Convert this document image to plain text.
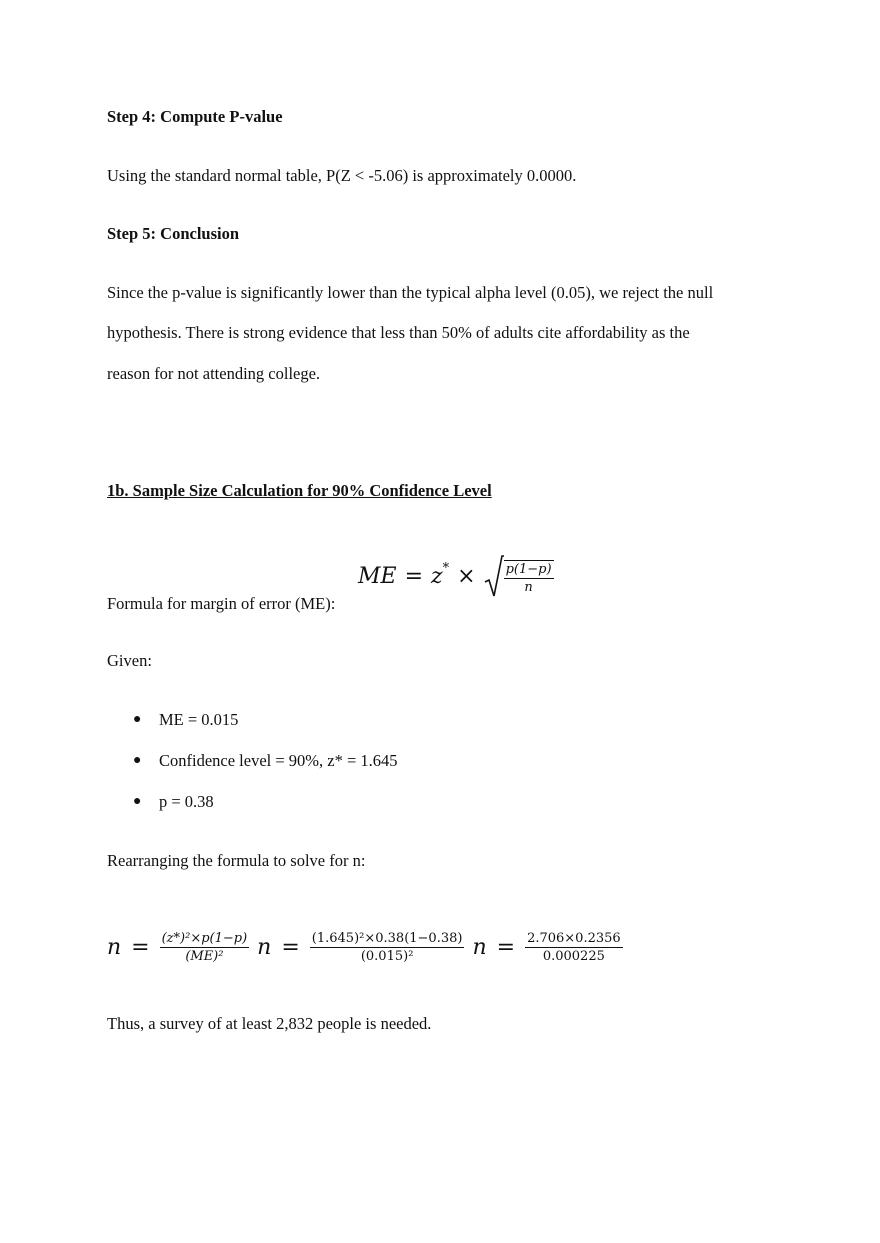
Step 4: Compute P-value
Using the standard normal table, P(Z < -5.06) is approximately 0.0000.
Step 5: Conclusion
Since the p-value is significantly lower than the typical alpha level (0.05), we reject the null
hypothesis. There is strong evidence that less than 50% of adults cite affordability as the
reason for not attending college.
1b. Sample Size Calculation for 90% Confidence Level
ME = $z^* \times \frac{p(1-p)}{n}$
Formula for margin of error (ME):
Given:
● ME = 0.015
● Confidence level = 90%, z* = 1.645
● p = 0.38
Rearranging the formula to solve for n:
$n = \frac{\text{(z*)²×p(1−p)}}{\text{(ME)²}}$ $n = \frac{\text{(1.645)²×0.38(1−0.38)}}{\text{(0.015)²}}$ $n = \frac{2.706\times 0.2356}{0.000225}$
Thus, a survey of at least 2,832 people is needed.
